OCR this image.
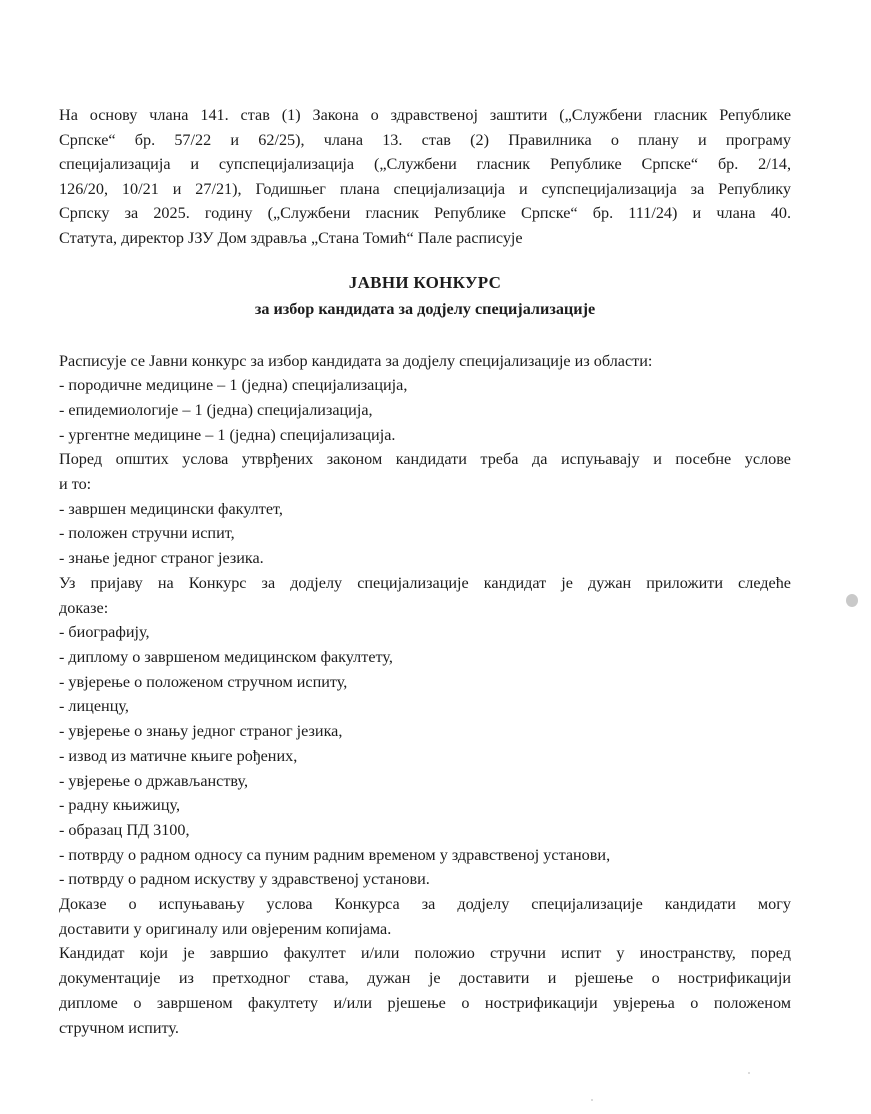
На основу члана 141. став (1) Закона о здравственој заштити („Службени гласник Републике
Српске“ бр. 57/22 и 62/25), члана 13. став (2) Правилника о плану и програму
специјализација и супспецијализација („Службени гласник Републике Српске“ бр. 2/14,
126/20, 10/21 и 27/21), Годишњег плана специјализација и супспецијализација за Републику
Српску за 2025. годину („Службени гласник Републике Српске“ бр. 111/24) и члана 40.
Статута, директор ЈЗУ Дом здравља „Стана Томић“ Пале расписује
ЈАВНИ КОНКУРС
за избор кандидата за додјелу специјализације
Расписује се Јавни конкурс за избор кандидата за додјелу специјализације из области:
- породичне медицине – 1 (једна) специјализација,
- епидемиологије – 1 (једна) специјализација,
- ургентне медицине – 1 (једна) специјализација.
Поред општих услова утврђених законом кандидати треба да испуњавају и посебне услове
и то:
- завршен медицински факултет,
- положен стручни испит,
- знање једног страног језика.
Уз пријаву на Конкурс за додјелу специјализације кандидат је дужан приложити следеће
доказе:
- биографију,
- диплому о завршеном медицинском факултету,
- увјерење о положеном стручном испиту,
- лиценцу,
- увјерење о знању једног страног језика,
- извод из матичне књиге рођених,
- увјерење о држављанству,
- радну књижицу,
- образац ПД 3100,
- потврду о радном односу са пуним радним временом у здравственој установи,
- потврду о радном искуству у здравственој установи.
Доказе о испуњавању услова Конкурса за додјелу специјализације кандидати могу
доставити у оригиналу или овјереним копијама.
Кандидат који је завршио факултет и/или положио стручни испит у иностранству, поред
документације из претходног става, дужан је доставити и рјешење о нострификацији
дипломе о завршеном факултету и/или рјешење о нострификацији увјерења о положеном
стручном испиту.
